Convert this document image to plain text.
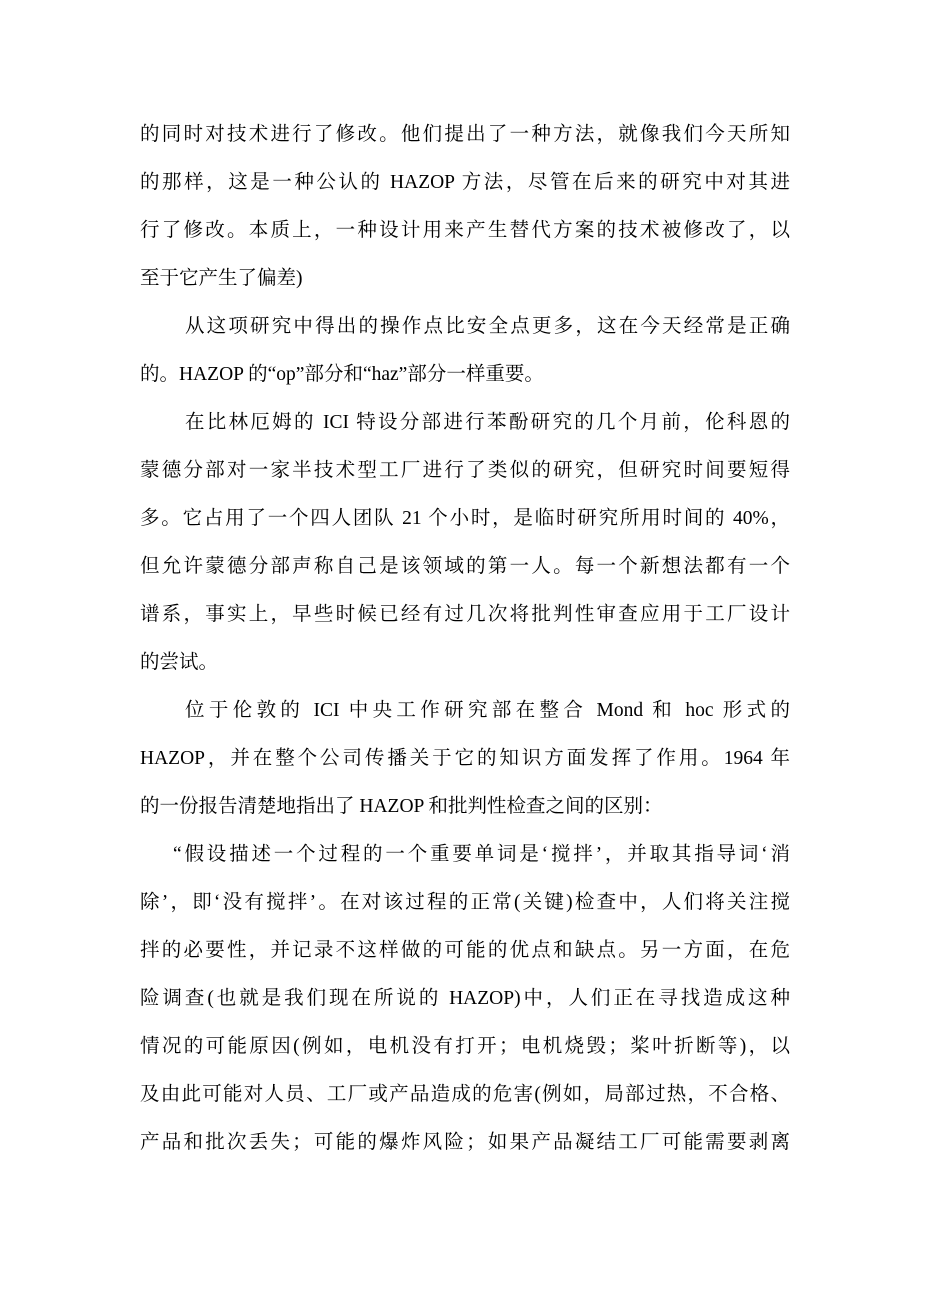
的同时对技术进行了修改。他们提出了一种方法，就像我们今天所知
的那样，这是一种公认的 HAZOP 方法，尽管在后来的研究中对其进
行了修改。本质上，一种设计用来产生替代方案的技术被修改了，以
至于它产生了偏差)

从这项研究中得出的操作点比安全点更多，这在今天经常是正确
的。HAZOP 的“op”部分和“haz”部分一样重要。

在比林厄姆的 ICI 特设分部进行苯酚研究的几个月前，伦科恩的
蒙德分部对一家半技术型工厂进行了类似的研究，但研究时间要短得
多。它占用了一个四人团队 21 个小时，是临时研究所用时间的 40%，
但允许蒙德分部声称自己是该领域的第一人。每一个新想法都有一个
谱系，事实上，早些时候已经有过几次将批判性审查应用于工厂设计
的尝试。

位于伦敦的 ICI 中央工作研究部在整合 Mond 和 hoc 形式的
HAZOP，并在整个公司传播关于它的知识方面发挥了作用。1964 年
的一份报告清楚地指出了 HAZOP 和批判性检查之间的区别：

“假设描述一个过程的一个重要单词是‘搅拌’，并取其指导词‘消
除’，即‘没有搅拌’。在对该过程的正常(关键)检查中，人们将关注搅
拌的必要性，并记录不这样做的可能的优点和缺点。另一方面，在危
险调查(也就是我们现在所说的 HAZOP)中，人们正在寻找造成这种
情况的可能原因(例如，电机没有打开；电机烧毁；桨叶折断等)，以
及由此可能对人员、工厂或产品造成的危害(例如，局部过热，不合格、
产品和批次丢失；可能的爆炸风险；如果产品凝结工厂可能需要剥离
